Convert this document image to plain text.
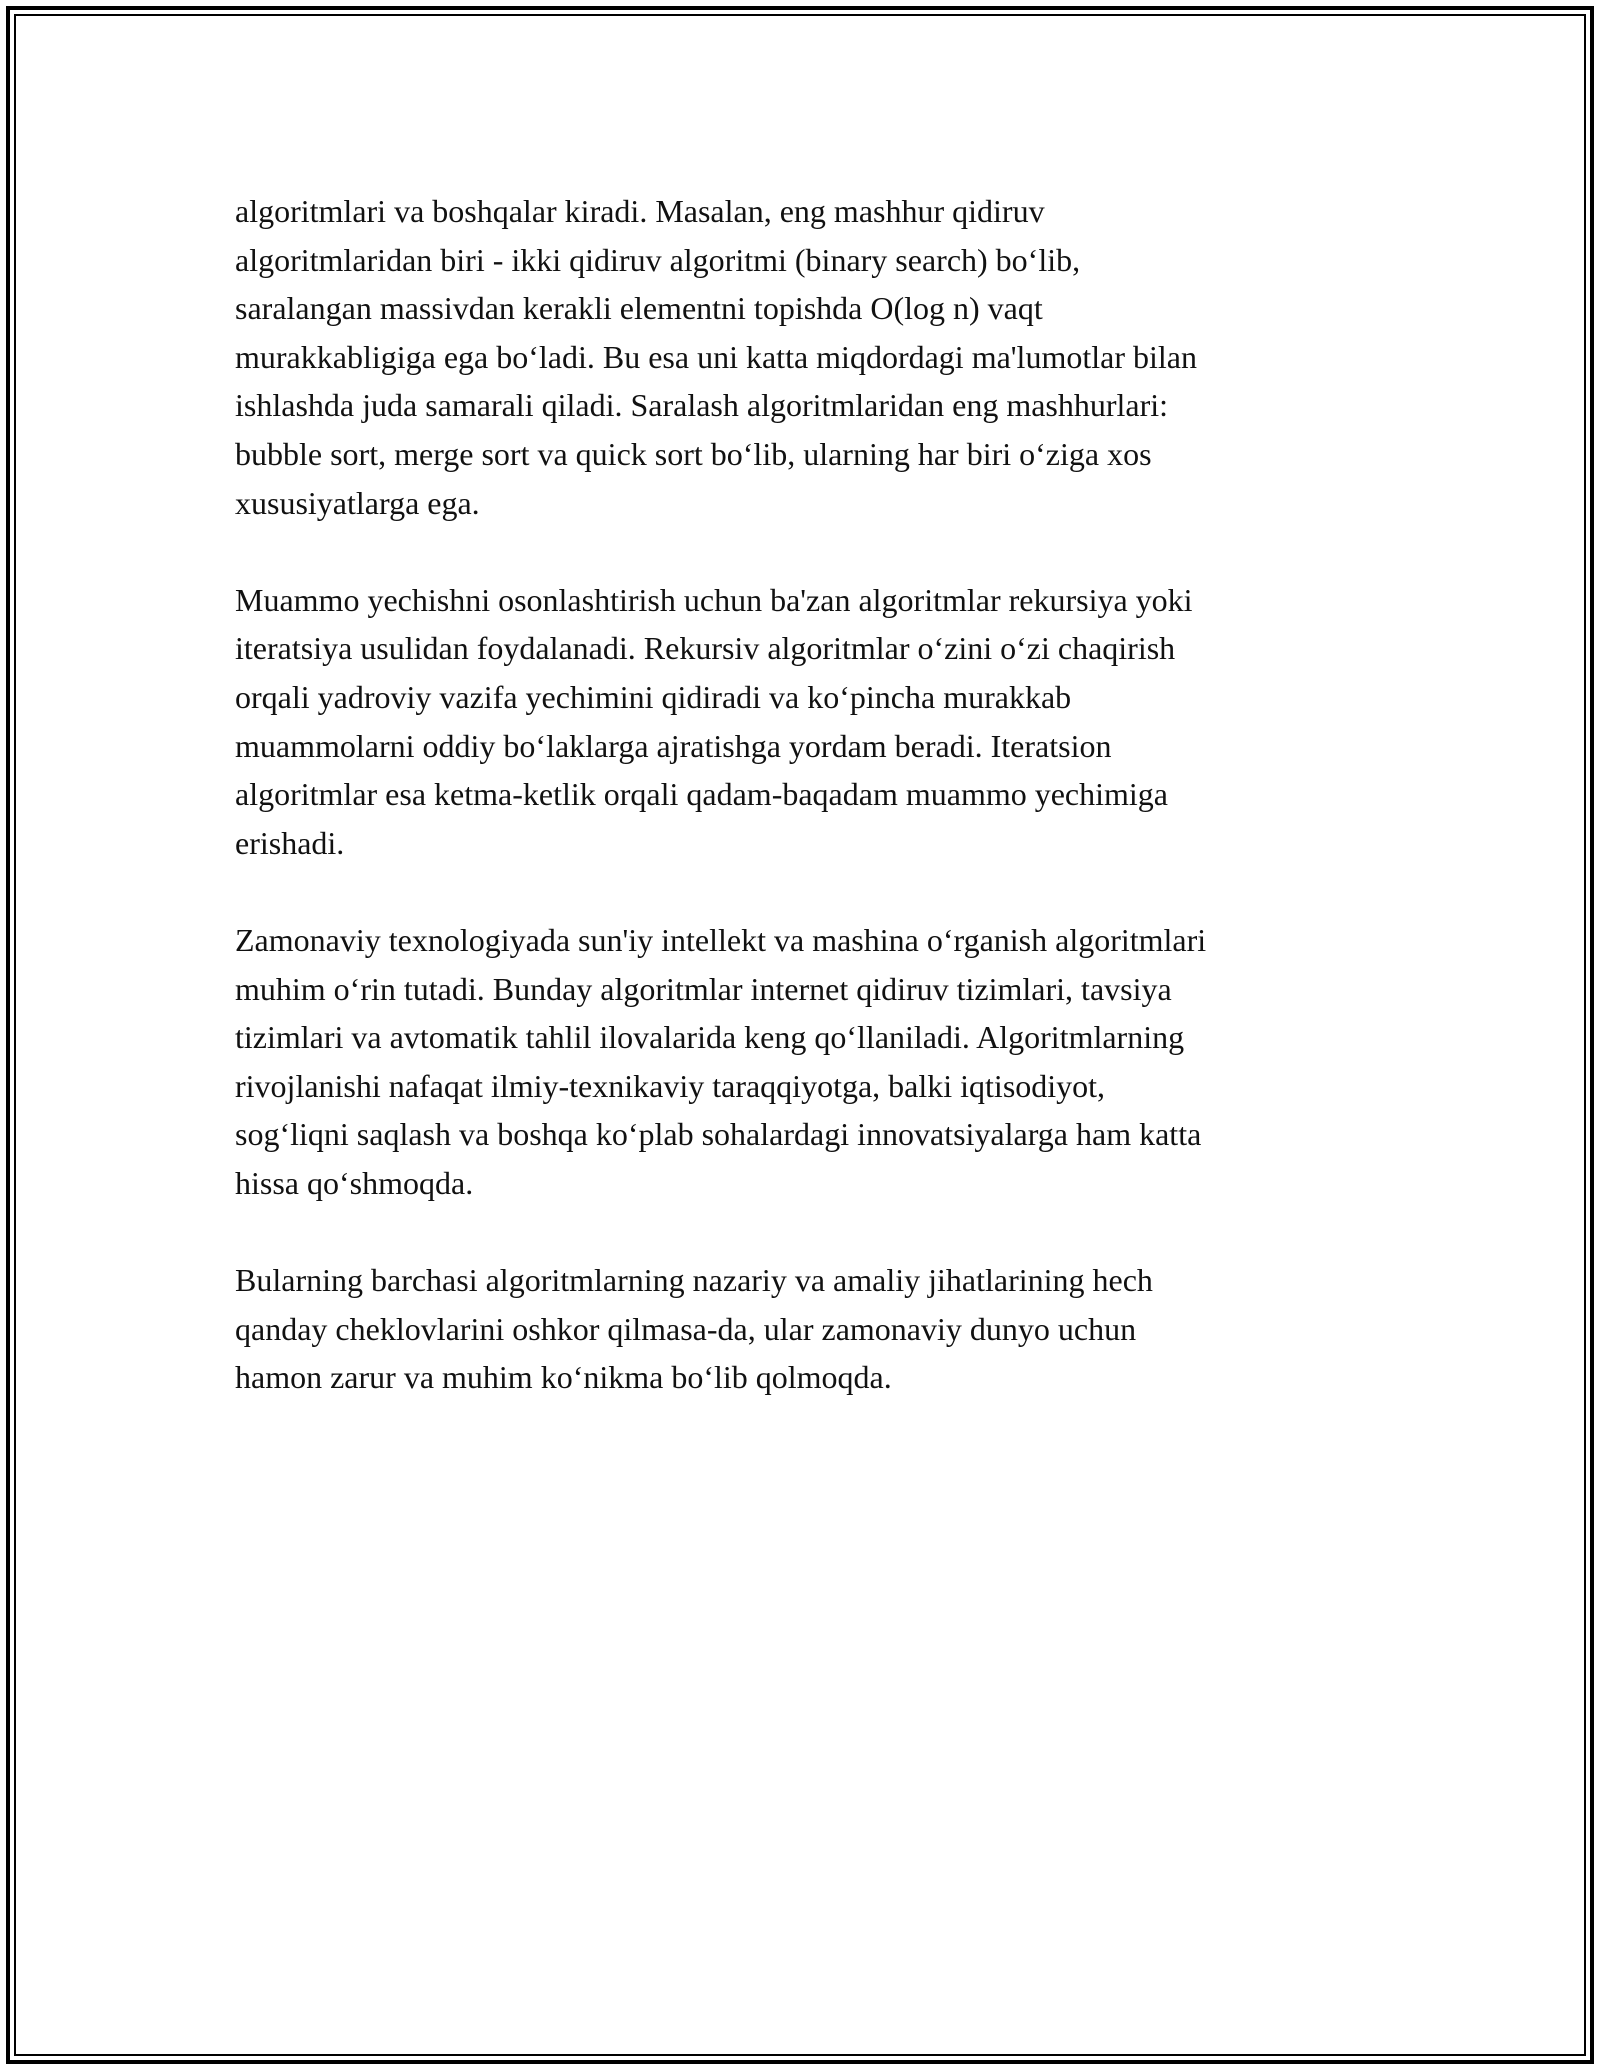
algoritmlari va boshqalar kiradi. Masalan, eng mashhur qidiruv
algoritmlaridan biri - ikki qidiruv algoritmi (binary search) bo‘lib,
saralangan massivdan kerakli elementni topishda O(log n) vaqt
murakkabligiga ega bo‘ladi. Bu esa uni katta miqdordagi ma'lumotlar bilan
ishlashda juda samarali qiladi. Saralash algoritmlaridan eng mashhurlari:
bubble sort, merge sort va quick sort bo‘lib, ularning har biri o‘ziga xos
xususiyatlarga ega.

Muammo yechishni osonlashtirish uchun ba'zan algoritmlar rekursiya yoki
iteratsiya usulidan foydalanadi. Rekursiv algoritmlar o‘zini o‘zi chaqirish
orqali yadroviy vazifa yechimini qidiradi va ko‘pincha murakkab
muammolarni oddiy bo‘laklarga ajratishga yordam beradi. Iteratsion
algoritmlar esa ketma-ketlik orqali qadam-baqadam muammo yechimiga
erishadi.

Zamonaviy texnologiyada sun'iy intellekt va mashina o‘rganish algoritmlari
muhim o‘rin tutadi. Bunday algoritmlar internet qidiruv tizimlari, tavsiya
tizimlari va avtomatik tahlil ilovalarida keng qo‘llaniladi. Algoritmlarning
rivojlanishi nafaqat ilmiy-texnikaviy taraqqiyotga, balki iqtisodiyot,
sog‘liqni saqlash va boshqa ko‘plab sohalardagi innovatsiyalarga ham katta
hissa qo‘shmoqda.

Bularning barchasi algoritmlarning nazariy va amaliy jihatlarining hech
qanday cheklovlarini oshkor qilmasa-da, ular zamonaviy dunyo uchun
hamon zarur va muhim ko‘nikma bo‘lib qolmoqda.
